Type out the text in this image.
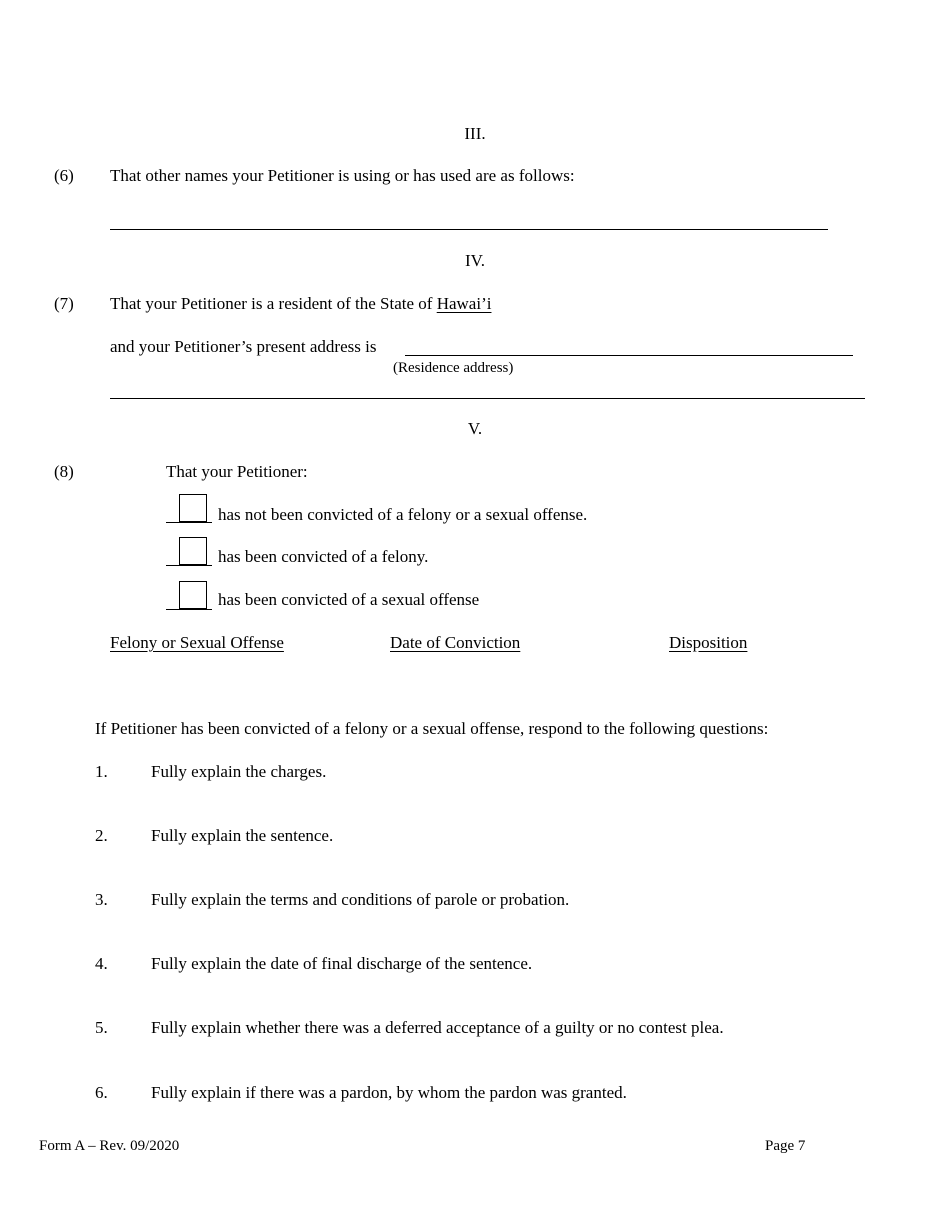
III.
(6) That other names your Petitioner is using or has used are as follows:
IV.
(7) That your Petitioner is a resident of the State of Hawai’i
and your Petitioner’s present address is
(Residence address)
V.
(8)	That your Petitioner:
has not been convicted of a felony or a sexual offense.
has been convicted of a felony.
has been convicted of a sexual offense
Felony or Sexual Offense	Date of Conviction	Disposition
If Petitioner has been convicted of a felony or a sexual offense, respond to the following questions:
1.	Fully explain the charges.
2.	Fully explain the sentence.
3.	Fully explain the terms and conditions of parole or probation.
4.	Fully explain the date of final discharge of the sentence.
5.	Fully explain whether there was a deferred acceptance of a guilty or no contest plea.
6.	Fully explain if there was a pardon, by whom the pardon was granted.
Form A – Rev. 09/2020	Page 7
